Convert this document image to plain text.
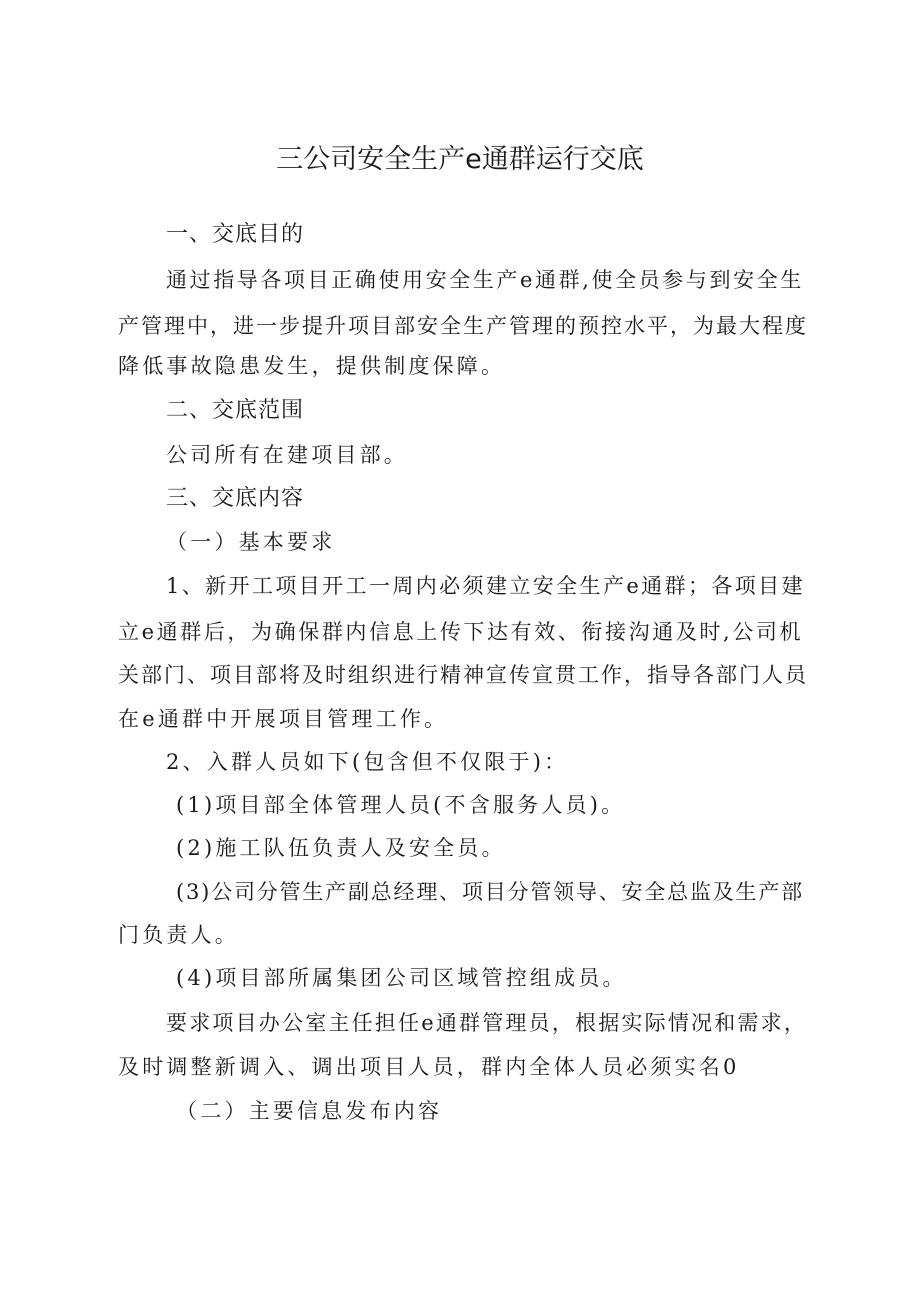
三公司安全生产e通群运行交底

一、交底目的

通过指导各项目正确使用安全生产e通群,使全员参与到安全生

产管理中，进一步提升项目部安全生产管理的预控水平，为最大程度

降低事故隐患发生，提供制度保障。

二、交底范围

公司所有在建项目部。

三、交底内容

（一）基本要求

1、新开工项目开工一周内必须建立安全生产e通群；各项目建

立e通群后，为确保群内信息上传下达有效、衔接沟通及时,公司机

关部门、项目部将及时组织进行精神宣传宣贯工作，指导各部门人员

在e通群中开展项目管理工作。

2、入群人员如下(包含但不仅限于)：

(1)项目部全体管理人员(不含服务人员)。

(2)施工队伍负责人及安全员。

(3)公司分管生产副总经理、项目分管领导、安全总监及生产部

门负责人。

(4)项目部所属集团公司区域管控组成员。

要求项目办公室主任担任e通群管理员，根据实际情况和需求，

及时调整新调入、调出项目人员，群内全体人员必须实名0

（二）主要信息发布内容
